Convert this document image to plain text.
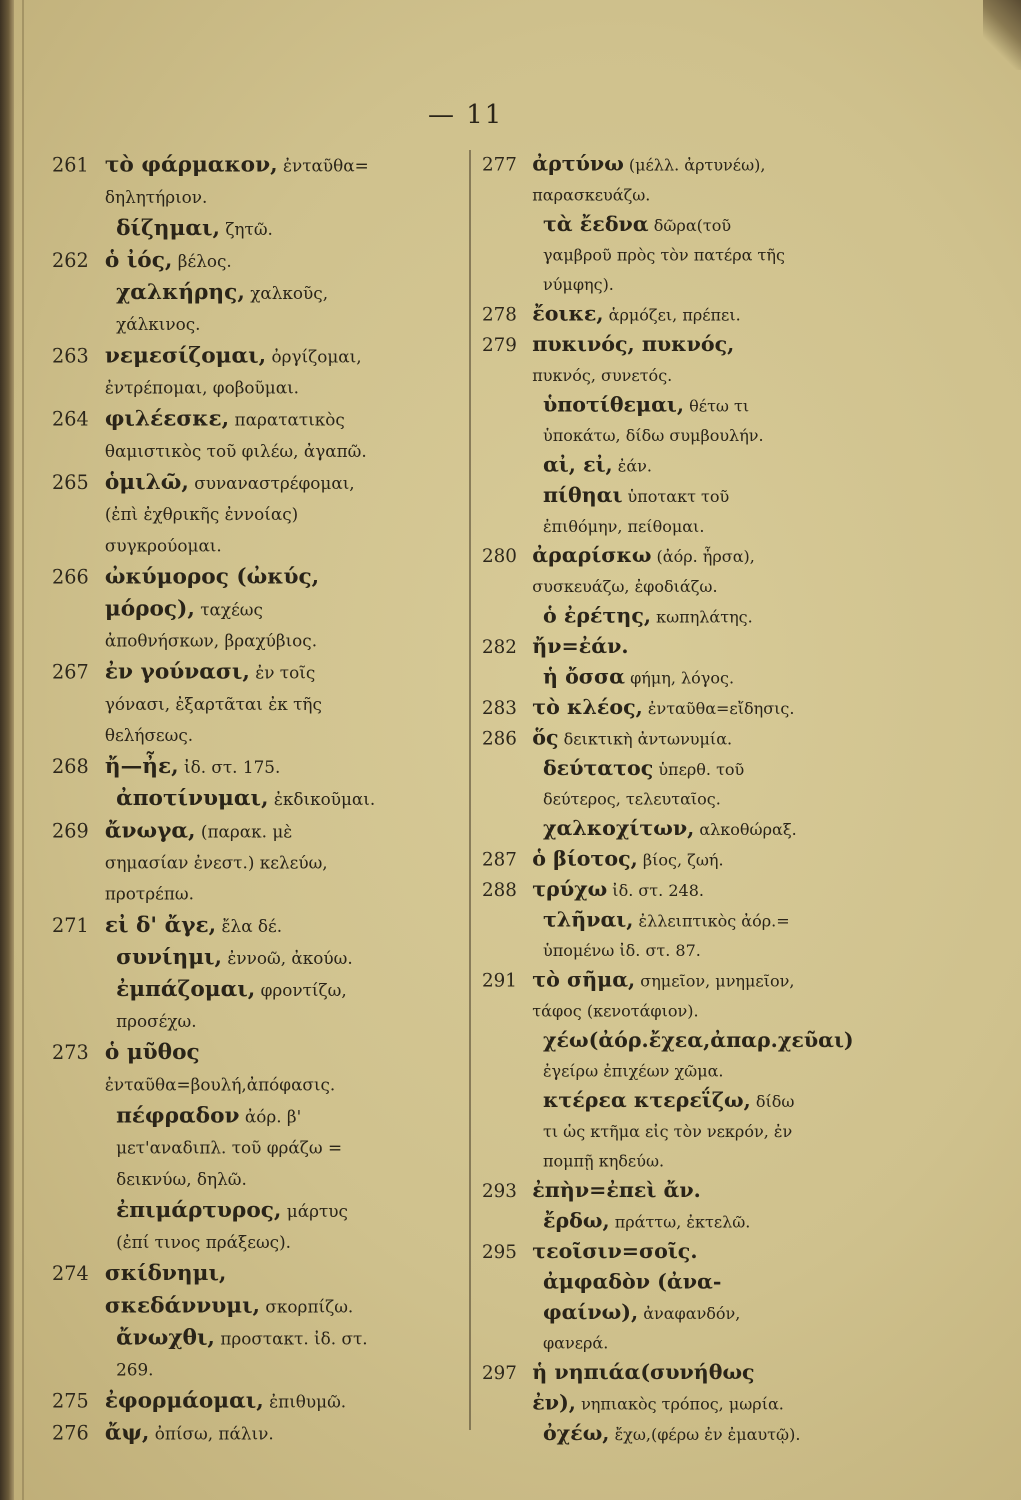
— 11
261 τὸ φάρμακον, ἐνταῦθα= δηλητήριον.
δίζημαι, ζητῶ.
262 ὁ ἰός, βέλος.
χαλκήρης, χαλκοῦς, χάλκινος.
263 νεμεσίζομαι, ὀργίζομαι, ἐντρέπομαι, φοβοῦμαι.
264 φιλέεσκε, παρατατικὸς θαμιστικὸς τοῦ φιλέω, ἀγαπῶ.
265 ὁμιλῶ, συναναστρέφομαι,(ἐπὶ ἐχθρικῆς ἐννοίας) συγκρούομαι.
266 ὠκύμορος (ὠκύς, μόρος), ταχέως ἀποθνήσκων, βραχύβιος.
267 ἐν γούνασι, ἐν τοῖς γόνασι, ἐξαρτᾶται ἐκ τῆς θελήσεως.
268 ἤ—ἦε, ἰδ. στ. 175.
ἀποτίνυμαι, ἐκδικοῦμαι.
269 ἄνωγα, (παρακ. μὲ σημασίαν ἐνεστ.) κελεύω, προτρέπω.
271 εἰ δ' ἄγε, ἔλα δέ.
συνίημι, ἐννοῶ, ἀκούω.
ἐμπάζομαι, φροντίζω, προσέχω.
273 ὁ μῦθος ἐνταῦθα=βουλή,ἀπόφασις.
πέφραδον ἀόρ. β' μετ'αναδιπλ. τοῦ φράζω = δεικνύω, δηλῶ.
ἐπιμάρτυρος, μάρτυς (ἐπί τινος πράξεως).
274 σκίδνημι, σκεδάννυμι, σκορπίζω.
ἄνωχθι, προστακτ. ἰδ. στ. 269.
275 ἐφορμάομαι, ἐπιθυμῶ.
276 ἄψ, ὀπίσω, πάλιν.
277 ἀρτύνω (μέλλ. ἀρτυνέω), παρασκευάζω.
τὰ ἔεδνα δῶρα(τοῦ γαμβροῦ πρὸς τὸν πατέρα τῆς νύμφης).
278 ἔοικε, ἁρμόζει, πρέπει.
279 πυκινός, πυκνός, πυκνός, συνετός.
ὑποτίθεμαι, θέτω τι ὑποκάτω, δίδω συμβουλήν.
αἰ, εἰ, ἐάν.
πίθηαι ὑποτακτ τοῦ ἐπιθόμην, πείθομαι.
280 ἀραρίσκω (ἀόρ. ἦρσα), συσκευάζω, ἐφοδιάζω.
ὁ ἐρέτης, κωπηλάτης.
282 ἤν=ἐάν.
ἡ ὄσσα φήμη, λόγος.
283 τὸ κλέος, ἐνταῦθα=εἴδησις.
286 ὅς δεικτικὴ ἀντωνυμία.
δεύτατος ὑπερθ. τοῦ δεύτερος, τελευταῖος.
χαλκοχίτων, αλκοθώραξ.
287 ὁ βίοτος, βίος, ζωή.
288 τρύχω ἰδ. στ. 248.
τλῆναι, ἐλλειπτικὸς ἀόρ.= ὑπομένω ἰδ. στ. 87.
291 τὸ σῆμα, σημεῖον, μνημεῖον, τάφος (κενοτάφιον).
χέω(ἀόρ.ἔχεα,ἀπαρ.χεῦαι) ἐγείρω ἐπιχέων χῶμα.
κτέρεα κτερεΐζω, δίδω τι ὡς κτῆμα εἰς τὸν νεκρόν, ἐν πομπῇ κηδεύω.
293 ἐπὴν=ἐπεὶ ἄν.
ἔρδω, πράττω, ἐκτελῶ.
295 τεοῖσιν=σοῖς.
ἀμφαδὸν (ἀνα-φαίνω), ἀναφανδόν, φανερά.
297 ἡ νηπιάα(συνήθως ἐν), νηπιακὸς τρόπος, μωρία.
ὀχέω, ἔχω,(φέρω ἐν ἐμαυτῷ).
